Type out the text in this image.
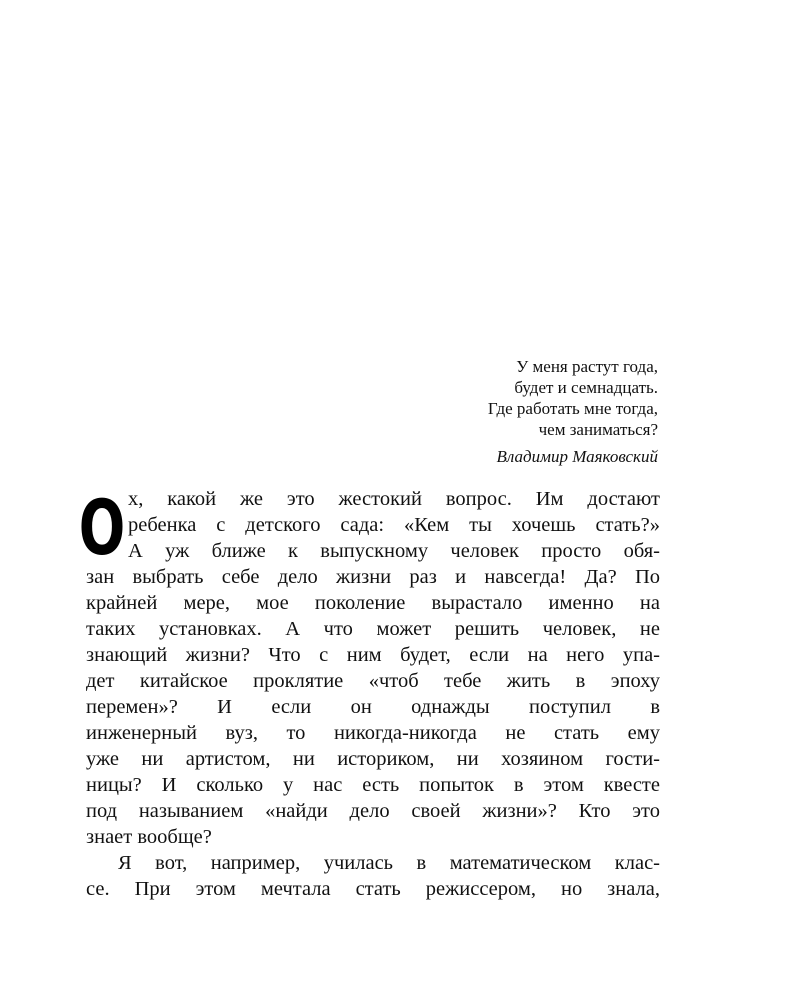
У меня растут года,
будет и семнадцать.
Где работать мне тогда,
чем заниматься?
Владимир Маяковский
О х, какой же это жестокий вопрос. Им достают
ребенка с детского сада: «Кем ты хочешь стать?»
А уж ближе к выпускному человек просто обя-
зан выбрать себе дело жизни раз и навсегда! Да? По
крайней мере, мое поколение вырастало именно на
таких установках. А что может решить человек, не
знающий жизни? Что с ним будет, если на него упа-
дет китайское проклятие «чтоб тебе жить в эпоху
перемен»? И если он однажды поступил в
инженерный вуз, то никогда-никогда не стать ему
уже ни артистом, ни историком, ни хозяином гости-
ницы? И сколько у нас есть попыток в этом квесте
под называнием «найди дело своей жизни»? Кто это
знает вообще?
Я вот, например, училась в математическом клас-
се. При этом мечтала стать режиссером, но знала,
